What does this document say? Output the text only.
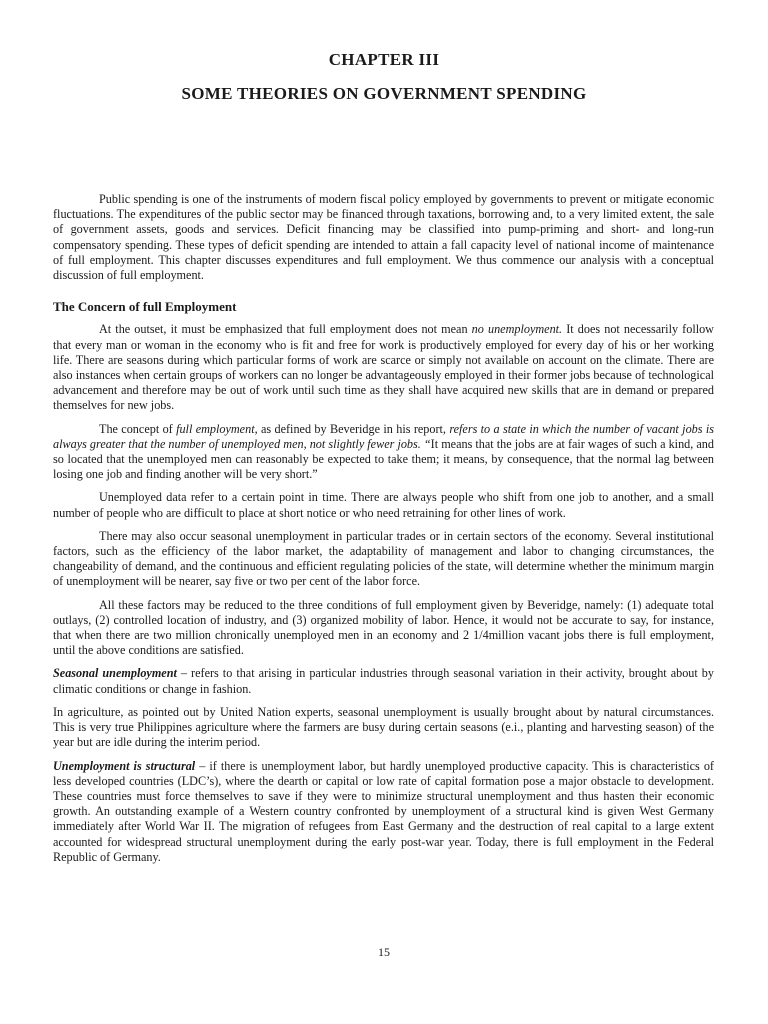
CHAPTER III
SOME THEORIES ON GOVERNMENT SPENDING

Public spending is one of the instruments of modern fiscal policy employed by governments to prevent or mitigate economic fluctuations. The expenditures of the public sector may be financed through taxations, borrowing and, to a very limited extent, the sale of government assets, goods and services. Deficit financing may be classified into pump-priming and short- and long-run compensatory spending. These types of deficit spending are intended to attain a fall capacity level of national income of maintenance of full employment. This chapter discusses expenditures and full employment. We thus commence our analysis with a conceptual discussion of full employment.

The Concern of full Employment

At the outset, it must be emphasized that full employment does not mean no unemployment. It does not necessarily follow that every man or woman in the economy who is fit and free for work is productively employed for every day of his or her working life. There are seasons during which particular forms of work are scarce or simply not available on account on the climate. There are also instances when certain groups of workers can no longer be advantageously employed in their former jobs because of technological advancement and therefore may be out of work until such time as they shall have acquired new skills that are in demand or prepared themselves for new jobs.

The concept of full employment, as defined by Beveridge in his report, refers to a state in which the number of vacant jobs is always greater that the number of unemployed men, not slightly fewer jobs. “It means that the jobs are at fair wages of such a kind, and so located that the unemployed men can reasonably be expected to take them; it means, by consequence, that the normal lag between losing one job and finding another will be very short.”

Unemployed data refer to a certain point in time. There are always people who shift from one job to another, and a small number of people who are difficult to place at short notice or who need retraining for other lines of work.

There may also occur seasonal unemployment in particular trades or in certain sectors of the economy. Several institutional factors, such as the efficiency of the labor market, the adaptability of management and labor to changing circumstances, the changeability of demand, and the continuous and efficient regulating policies of the state, will determine whether the minimum margin of unemployment will be nearer, say five or two per cent of the labor force.

All these factors may be reduced to the three conditions of full employment given by Beveridge, namely: (1) adequate total outlays, (2) controlled location of industry, and (3) organized mobility of labor. Hence, it would not be accurate to say, for instance, that when there are two million chronically unemployed men in an economy and 2 1/4million vacant jobs there is full employment, until the above conditions are satisfied.

Seasonal unemployment – refers to that arising in particular industries through seasonal variation in their activity, brought about by climatic conditions or change in fashion.

In agriculture, as pointed out by United Nation experts, seasonal unemployment is usually brought about by natural circumstances. This is very true Philippines agriculture where the farmers are busy during certain seasons (e.i., planting and harvesting season) of the year but are idle during the interim period.

Unemployment is structural – if there is unemployment labor, but hardly unemployed productive capacity. This is characteristics of less developed countries (LDC’s), where the dearth or capital or low rate of capital formation pose a major obstacle to development. These countries must force themselves to save if they were to minimize structural unemployment and thus hasten their economic growth. An outstanding example of a Western country confronted by unemployment of a structural kind is given West Germany immediately after World War II. The migration of refugees from East Germany and the destruction of real capital to a large extent accounted for widespread structural unemployment during the early post-war year. Today, there is full employment in the Federal Republic of Germany.

15
